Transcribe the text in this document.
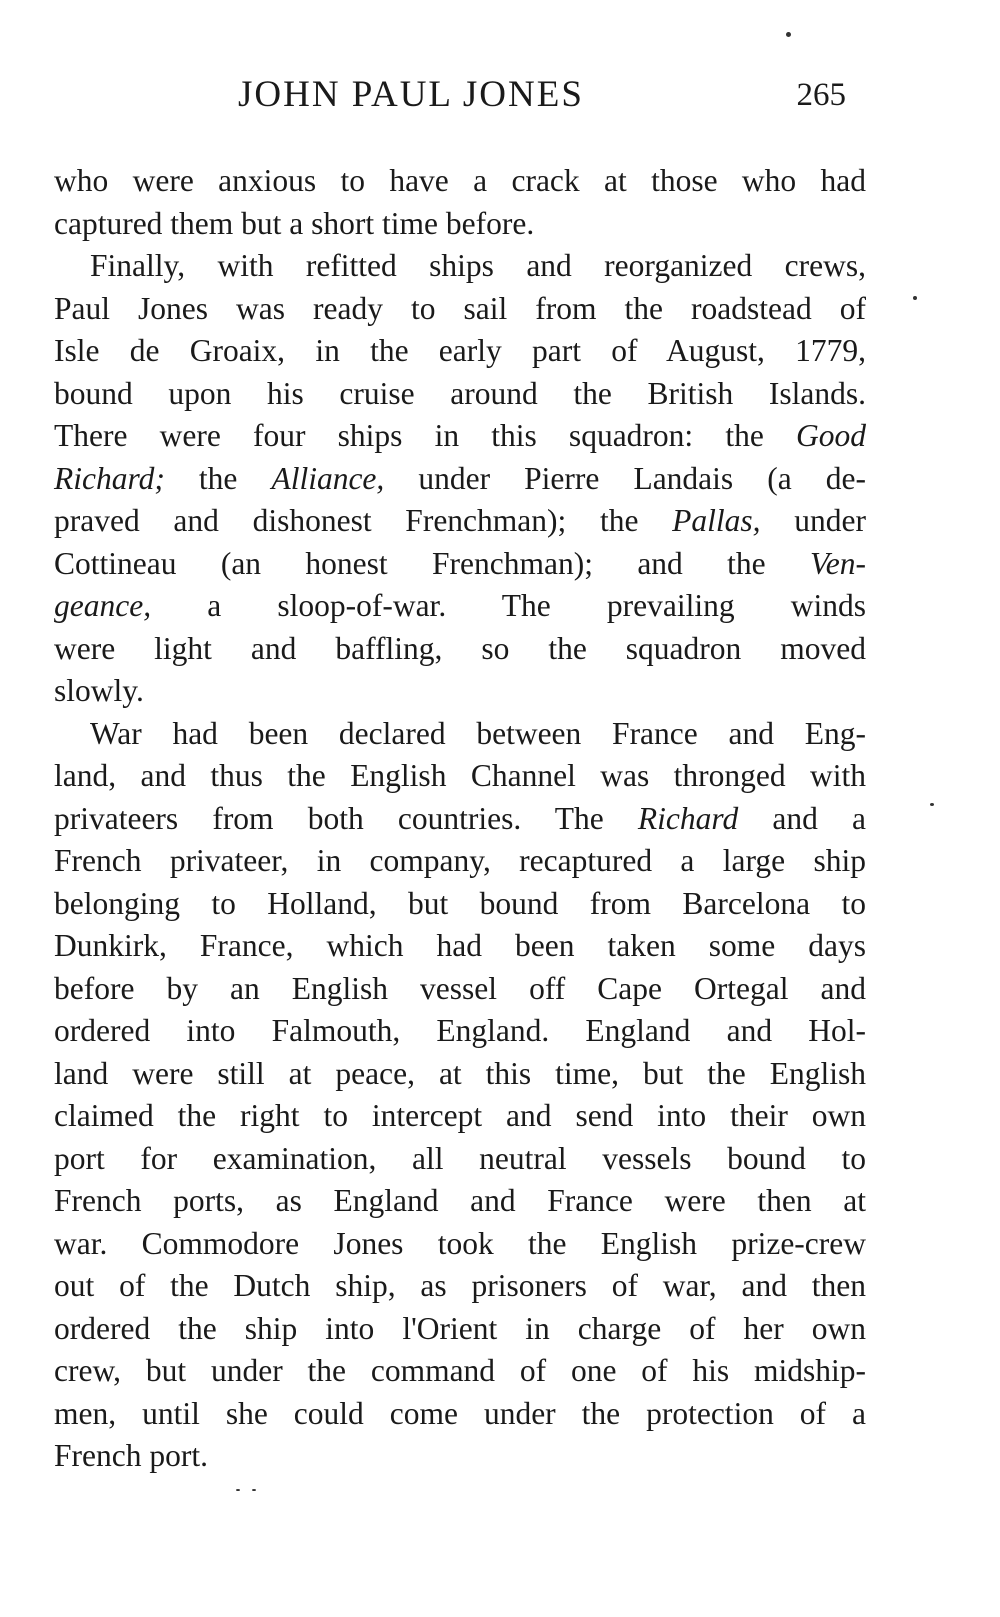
JOHN PAUL JONES	265
who were anxious to have a crack at those who had
captured them but a short time before.
Finally, with refitted ships and reorganized crews,
Paul Jones was ready to sail from the roadstead of
Isle de Groaix, in the early part of August, 1779,
bound upon his cruise around the British Islands.
There were four ships in this squadron: the Good
Richard; the Alliance, under Pierre Landais (a de-
praved and dishonest Frenchman); the Pallas, under
Cottineau (an honest Frenchman); and the Ven-
geance, a sloop-of-war. The prevailing winds
were light and baffling, so the squadron moved
slowly.
War had been declared between France and Eng-
land, and thus the English Channel was thronged with
privateers from both countries. The Richard and a
French privateer, in company, recaptured a large ship
belonging to Holland, but bound from Barcelona to
Dunkirk, France, which had been taken some days
before by an English vessel off Cape Ortegal and
ordered into Falmouth, England. England and Hol-
land were still at peace, at this time, but the English
claimed the right to intercept and send into their own
port for examination, all neutral vessels bound to
French ports, as England and France were then at
war. Commodore Jones took the English prize-crew
out of the Dutch ship, as prisoners of war, and then
ordered the ship into l'Orient in charge of her own
crew, but under the command of one of his midship-
men, until she could come under the protection of a
French port.
